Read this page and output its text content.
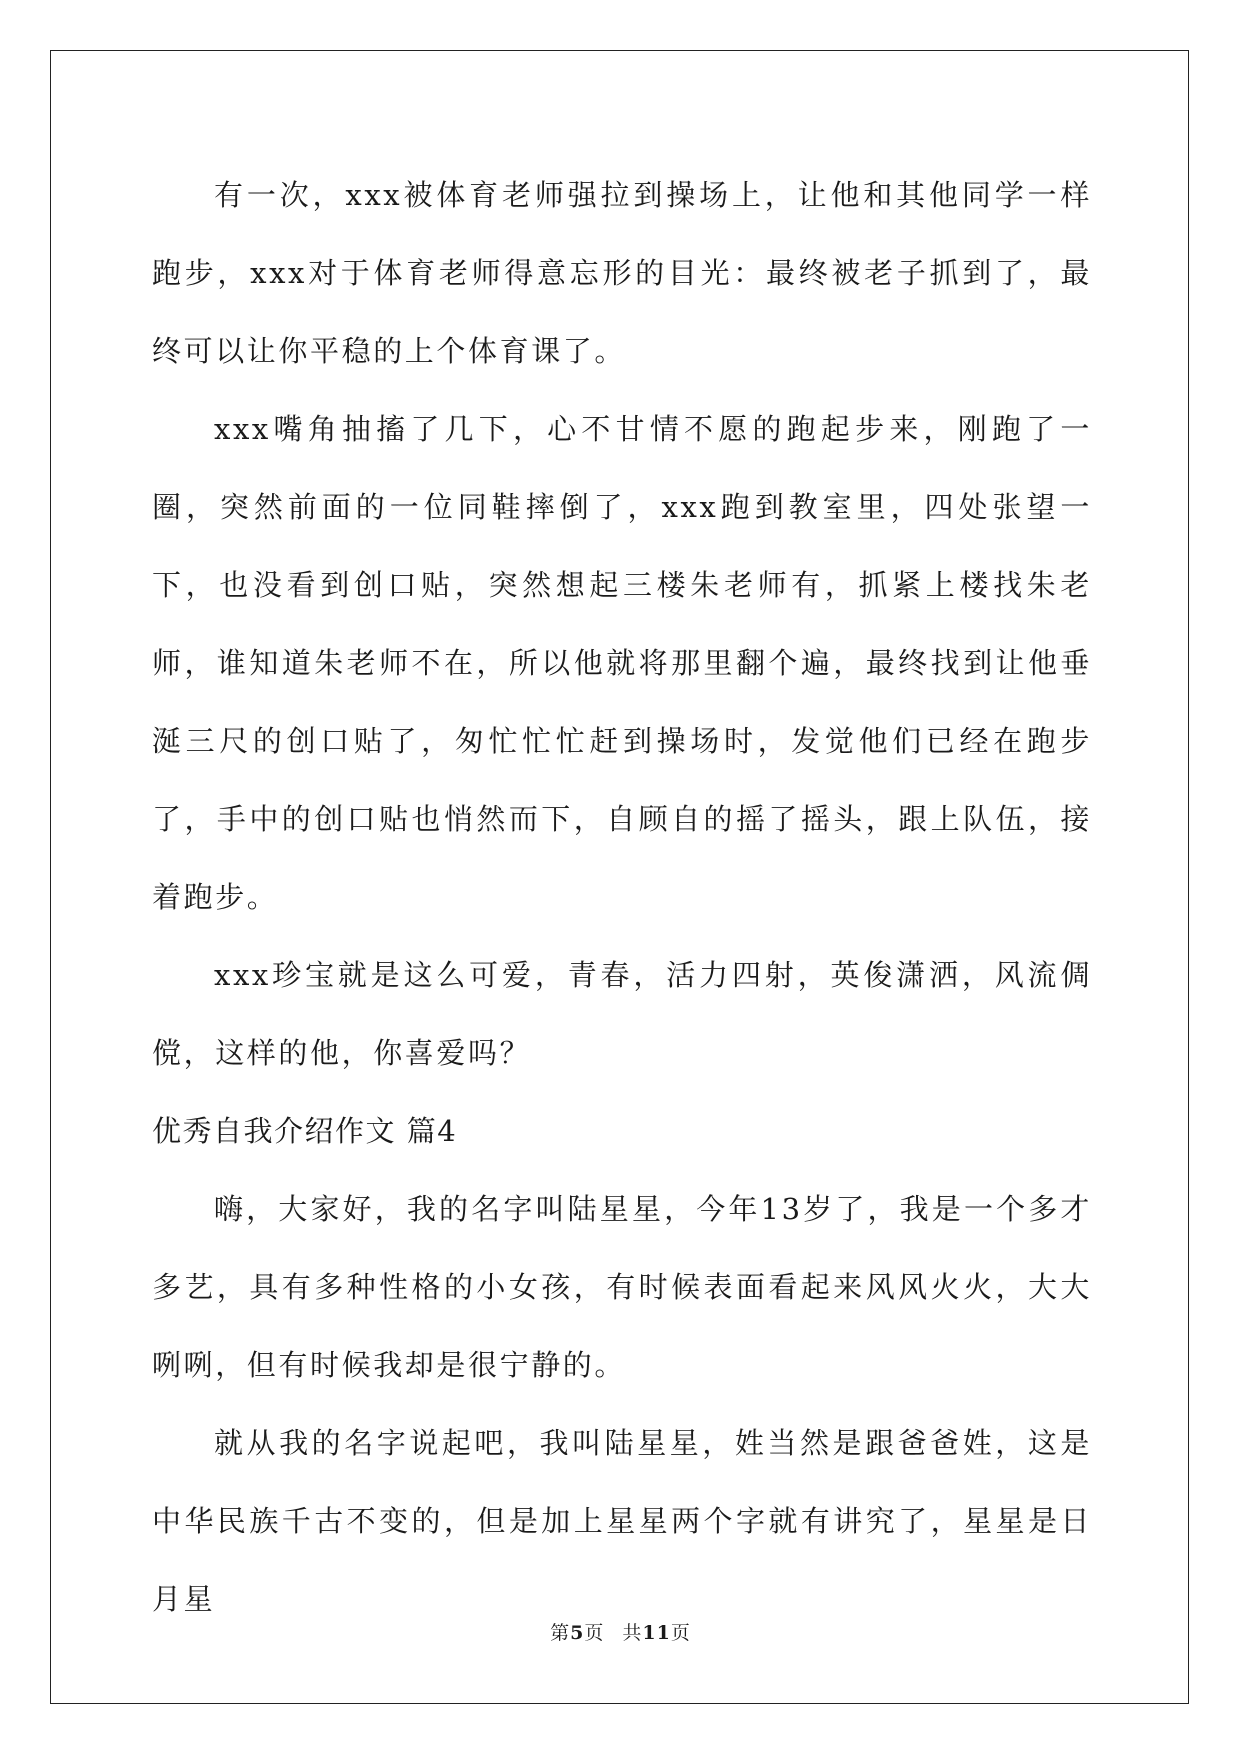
有一次，xxx被体育老师强拉到操场上，让他和其他同学一样跑步，xxx对于体育老师得意忘形的目光：最终被老子抓到了，最终可以让你平稳的上个体育课了。

xxx嘴角抽搐了几下，心不甘情不愿的跑起步来，刚跑了一圈，突然前面的一位同鞋摔倒了，xxx跑到教室里，四处张望一下，也没看到创口贴，突然想起三楼朱老师有，抓紧上楼找朱老师，谁知道朱老师不在，所以他就将那里翻个遍，最终找到让他垂涎三尺的创口贴了，匆忙忙忙赶到操场时，发觉他们已经在跑步了，手中的创口贴也悄然而下，自顾自的摇了摇头，跟上队伍，接着跑步。

xxx珍宝就是这么可爱，青春，活力四射，英俊潇洒，风流倜傥，这样的他，你喜爱吗？

优秀自我介绍作文 篇4

嗨，大家好，我的名字叫陆星星，今年13岁了，我是一个多才多艺，具有多种性格的小女孩，有时候表面看起来风风火火，大大咧咧，但有时候我却是很宁静的。

就从我的名字说起吧，我叫陆星星，姓当然是跟爸爸姓，这是中华民族千古不变的，但是加上星星两个字就有讲究了，星星是日月星

第5页 共11页
